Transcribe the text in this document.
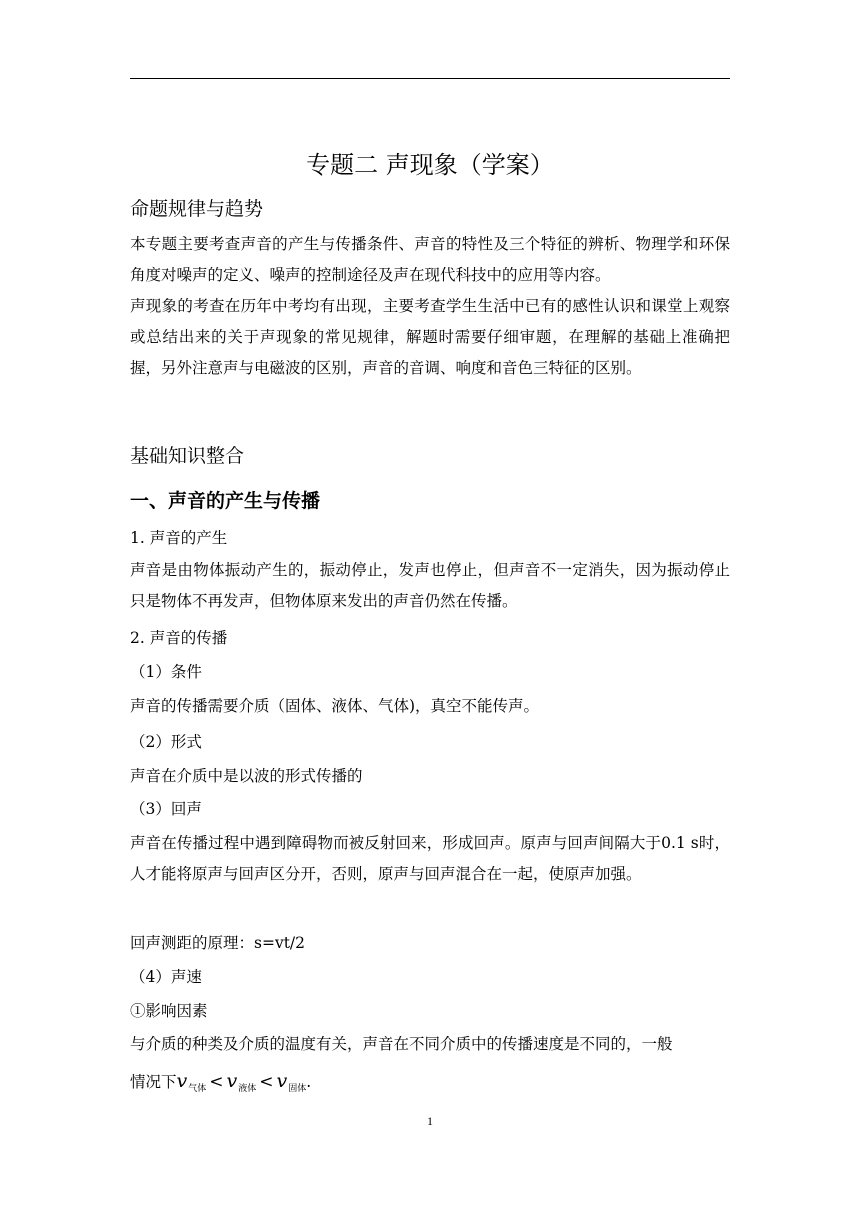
专题二 声现象（学案）
命题规律与趋势
本专题主要考查声音的产生与传播条件、声音的特性及三个特征的辨析、物理学和环保角度对噪声的定义、噪声的控制途径及声在现代科技中的应用等内容。
声现象的考查在历年中考均有出现，主要考查学生生活中已有的感性认识和课堂上观察或总结出来的关于声现象的常见规律，解题时需要仔细审题，在理解的基础上准确把握，另外注意声与电磁波的区别，声音的音调、响度和音色三特征的区别。
基础知识整合
一、声音的产生与传播
1. 声音的产生
声音是由物体振动产生的，振动停止，发声也停止，但声音不一定消失，因为振动停止只是物体不再发声，但物体原来发出的声音仍然在传播。
2. 声音的传播
（1）条件
声音的传播需要介质（固体、液体、气体)，真空不能传声。
（2）形式
声音在介质中是以波的形式传播的
（3）回声
声音在传播过程中遇到障碍物而被反射回来，形成回声。原声与回声间隔大于0.1 s时，人才能将原声与回声区分开，否则，原声与回声混合在一起，使原声加强。
回声测距的原理：s=vt/2
（4）声速
①影响因素
与介质的种类及介质的温度有关，声音在不同介质中的传播速度是不同的，一般
情况下$v_{气体} < v_{液体} < v_{固体}$.
1
